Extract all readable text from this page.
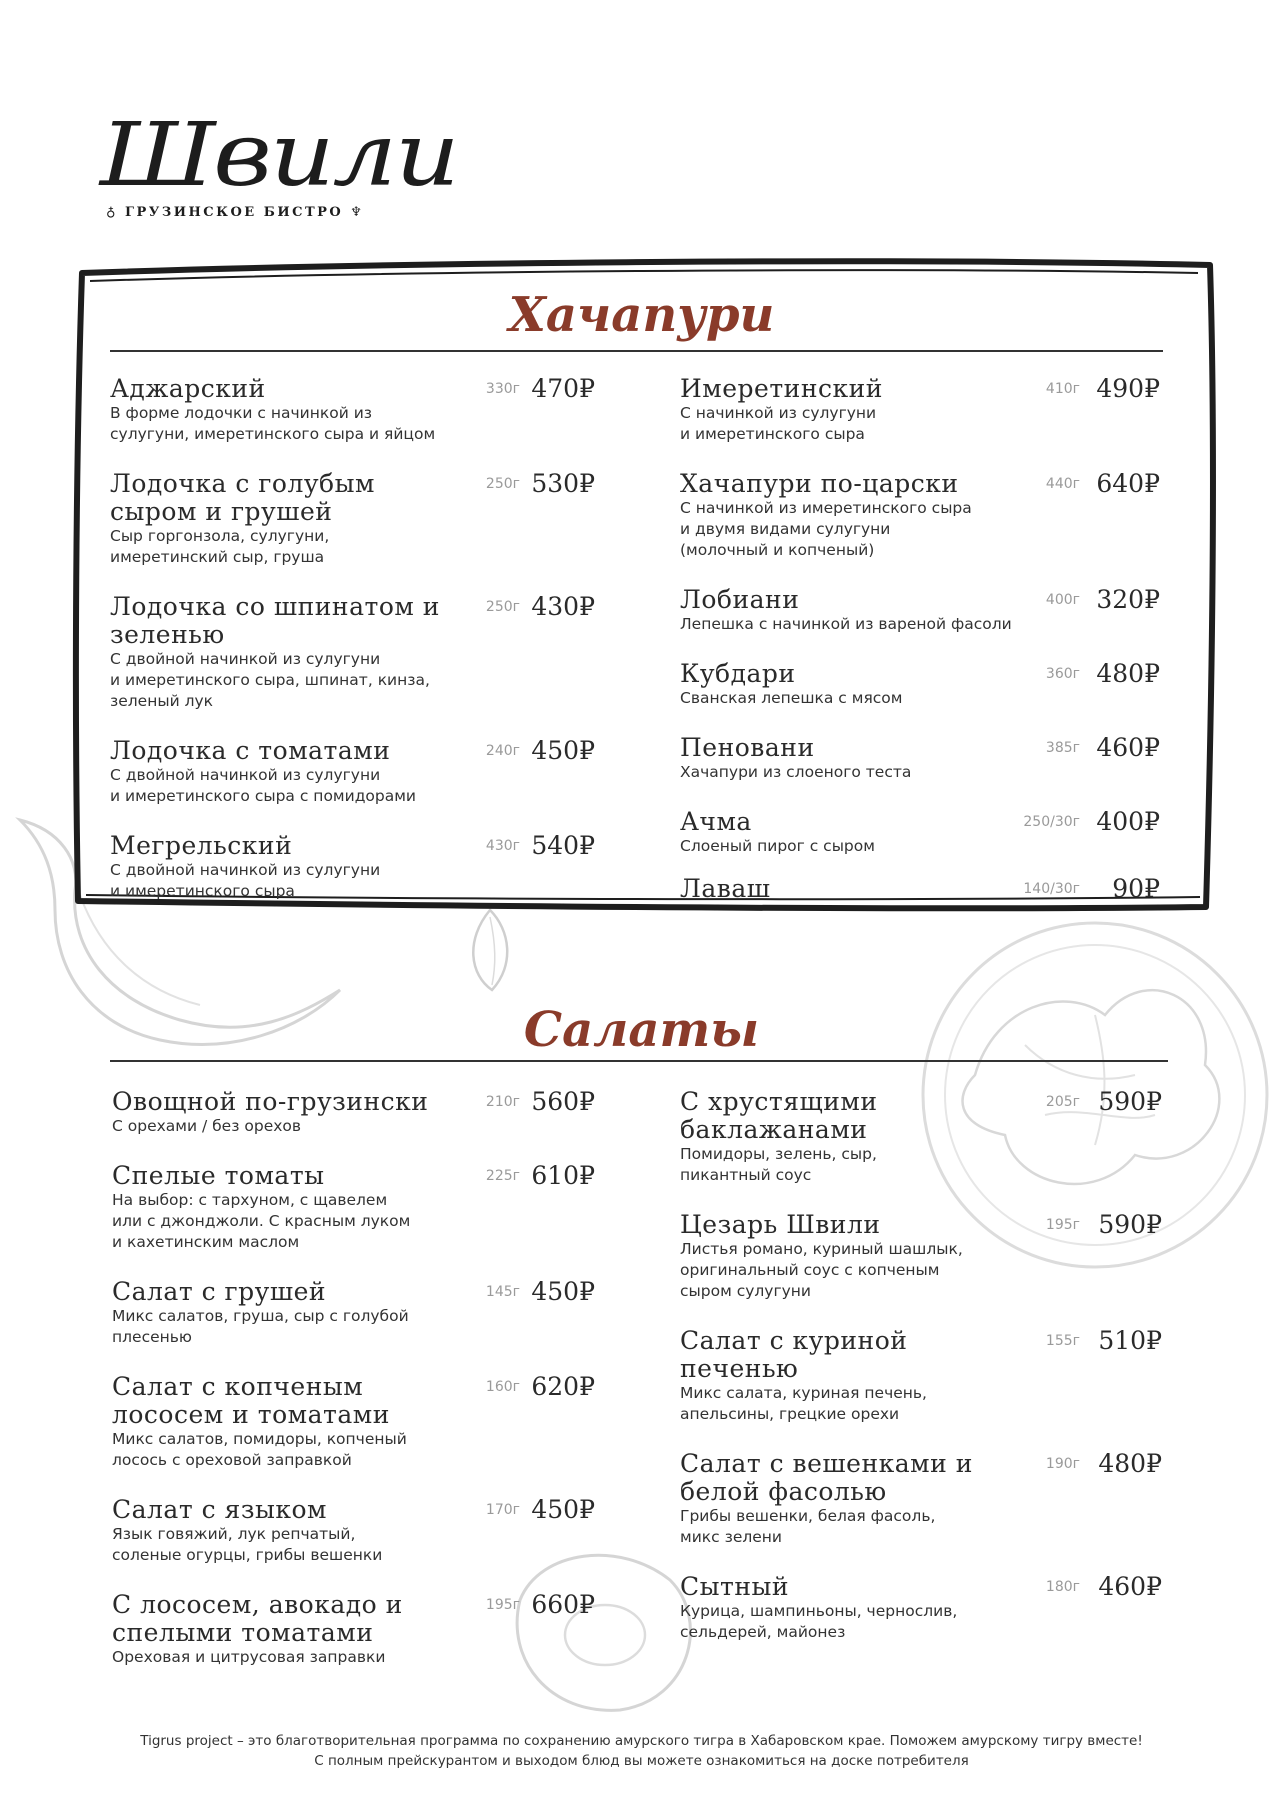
Швили
♁ ГРУЗИНСКОЕ БИСТРО ♆
Хачапури
Аджарский
В форме лодочки с начинкой из
сулугуни, имеретинского сыра и яйцом
330г 470₽
Лодочка с голубым сыром и грушей
Сыр горгонзола, сулугуни,
имеретинский сыр, груша
250г 530₽
Лодочка со шпинатом и зеленью
С двойной начинкой из сулугуни
и имеретинского сыра, шпинат, кинза,
зеленый лук
250г 430₽
Лодочка с томатами
С двойной начинкой из сулугуни
и имеретинского сыра с помидорами
240г 450₽
Мегрельский
С двойной начинкой из сулугуни
и имеретинского сыра
430г 540₽
Имеретинский
С начинкой из сулугуни
и имеретинского сыра
410г 490₽
Хачапури по-царски
С начинкой из имеретинского сыра
и двумя видами сулугуни
(молочный и копченый)
440г 640₽
Лобиани
Лепешка с начинкой из вареной фасоли
400г 320₽
Кубдари
Сванская лепешка с мясом
360г 480₽
Пеновани
Хачапури из слоеного теста
385г 460₽
Ачма
Слоеный пирог с сыром
250/30г 400₽
Лаваш	140/30г	90₽
Салаты
Овощной по-грузински
С орехами / без орехов
210г 560₽
Спелые томаты
На выбор: с тархуном, с щавелем
или с джонджоли. С красным луком
и кахетинским маслом
225г 610₽
Салат с грушей
Микс салатов, груша, сыр с голубой
плесенью
145г 450₽
Салат с копченым лососем и томатами
Микс салатов, помидоры, копченый
лосось с ореховой заправкой
160г 620₽
Салат с языком
Язык говяжий, лук репчатый,
соленые огурцы, грибы вешенки
170г 450₽
С лососем, авокадо и спелыми томатами
Ореховая и цитрусовая заправки
195г 660₽
С хрустящими баклажанами
Помидоры, зелень, сыр,
пикантный соус
205г 590₽
Цезарь Швили
Листья романо, куриный шашлык,
оригинальный соус с копченым
сыром сулугуни
195г 590₽
Салат с куриной печенью
Микс салата, куриная печень,
апельсины, грецкие орехи
155г 510₽
Салат с вешенками и белой фасолью
Грибы вешенки, белая фасоль,
микс зелени
190г 480₽
Сытный
Курица, шампиньоны, чернослив,
сельдерей, майонез
180г 460₽
Tigrus project – это благотворительная программа по сохранению амурского тигра в Хабаровском крае. Поможем амурскому тигру вместе!
С полным прейскурантом и выходом блюд вы можете ознакомиться на доске потребителя
